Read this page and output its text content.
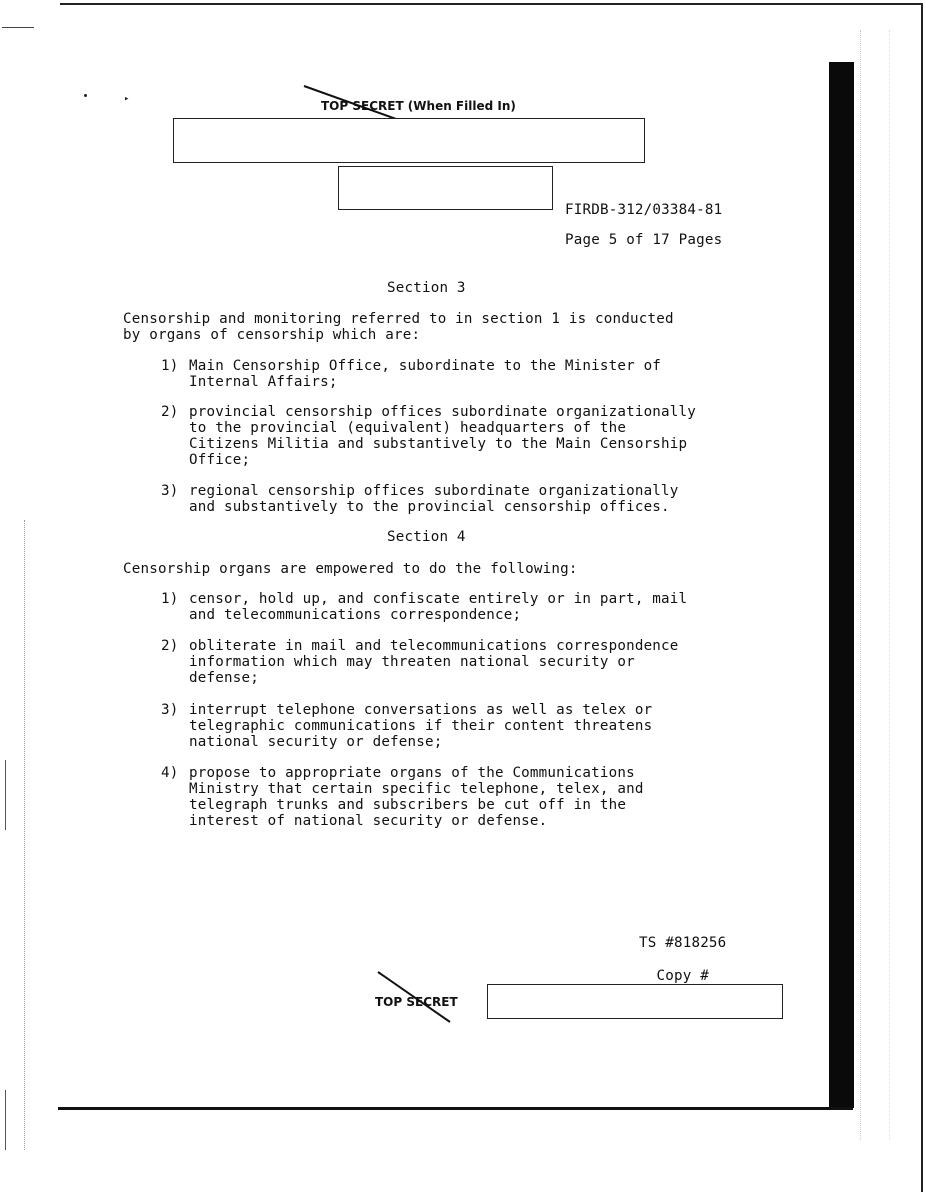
▸	TOP SECRET (When Filled In)
FIRDB-312/03384-81
Page 5 of 17 Pages
Section 3
Censorship and monitoring referred to in section 1 is conducted
by organs of censorship which are:
1) Main Censorship Office, subordinate to the Minister of
Internal Affairs;
2) provincial censorship offices subordinate organizationally
to the provincial (equivalent) headquarters of the
Citizens Militia and substantively to the Main Censorship
Office;
3) regional censorship offices subordinate organizationally
and substantively to the provincial censorship offices.
Section 4
Censorship organs are empowered to do the following:
1) censor, hold up, and confiscate entirely or in part, mail
and telecommunications correspondence;
2) obliterate in mail and telecommunications correspondence
information which may threaten national security or
defense;
3) interrupt telephone conversations as well as telex or
telegraphic communications if their content threatens
national security or defense;
4) propose to appropriate organs of the Communications
Ministry that certain specific telephone, telex, and
telegraph trunks and subscribers be cut off in the
interest of national security or defense.
TS #818256

Copy #

TOP SECRET
